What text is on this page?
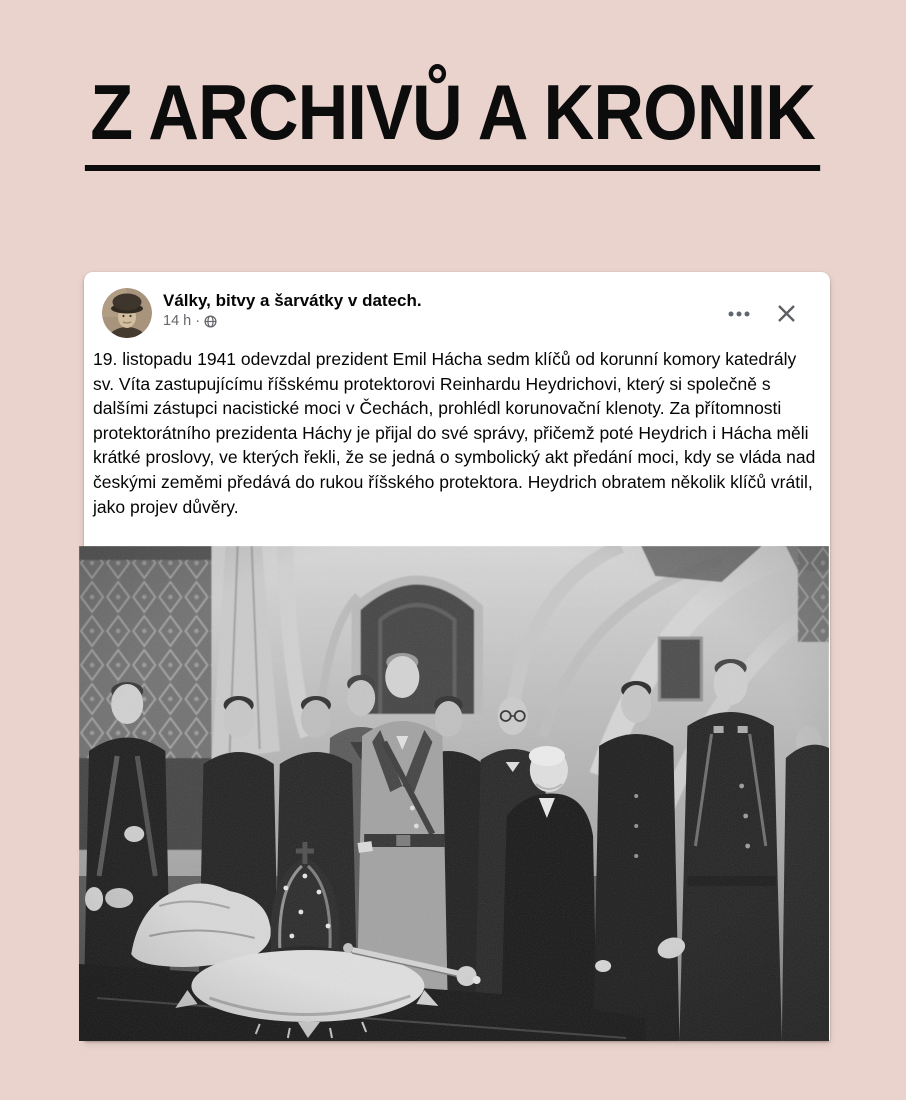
Z ARCHIVŮ A KRONIK
Války, bitvy a šarvátky v datech.
14 h ·

19. listopadu 1941 odevzdal prezident Emil Hácha sedm klíčů od korunní komory katedrály sv. Víta zastupujícímu říšskému protektorovi Reinhardu Heydrichovi, který si společně s dalšími zástupci nacistické moci v Čechách, prohlédl korunovační klenoty. Za přítomnosti protektorátního prezidenta Háchy je přijal do své správy, přičemž poté Heydrich i Hácha měli krátké proslovy, ve kterých řekli, že se jedná o symbolický akt předání moci, kdy se vláda nad českými zeměmi předává do rukou říšského protektora. Heydrich obratem několik klíčů vrátil, jako projev důvěry.
